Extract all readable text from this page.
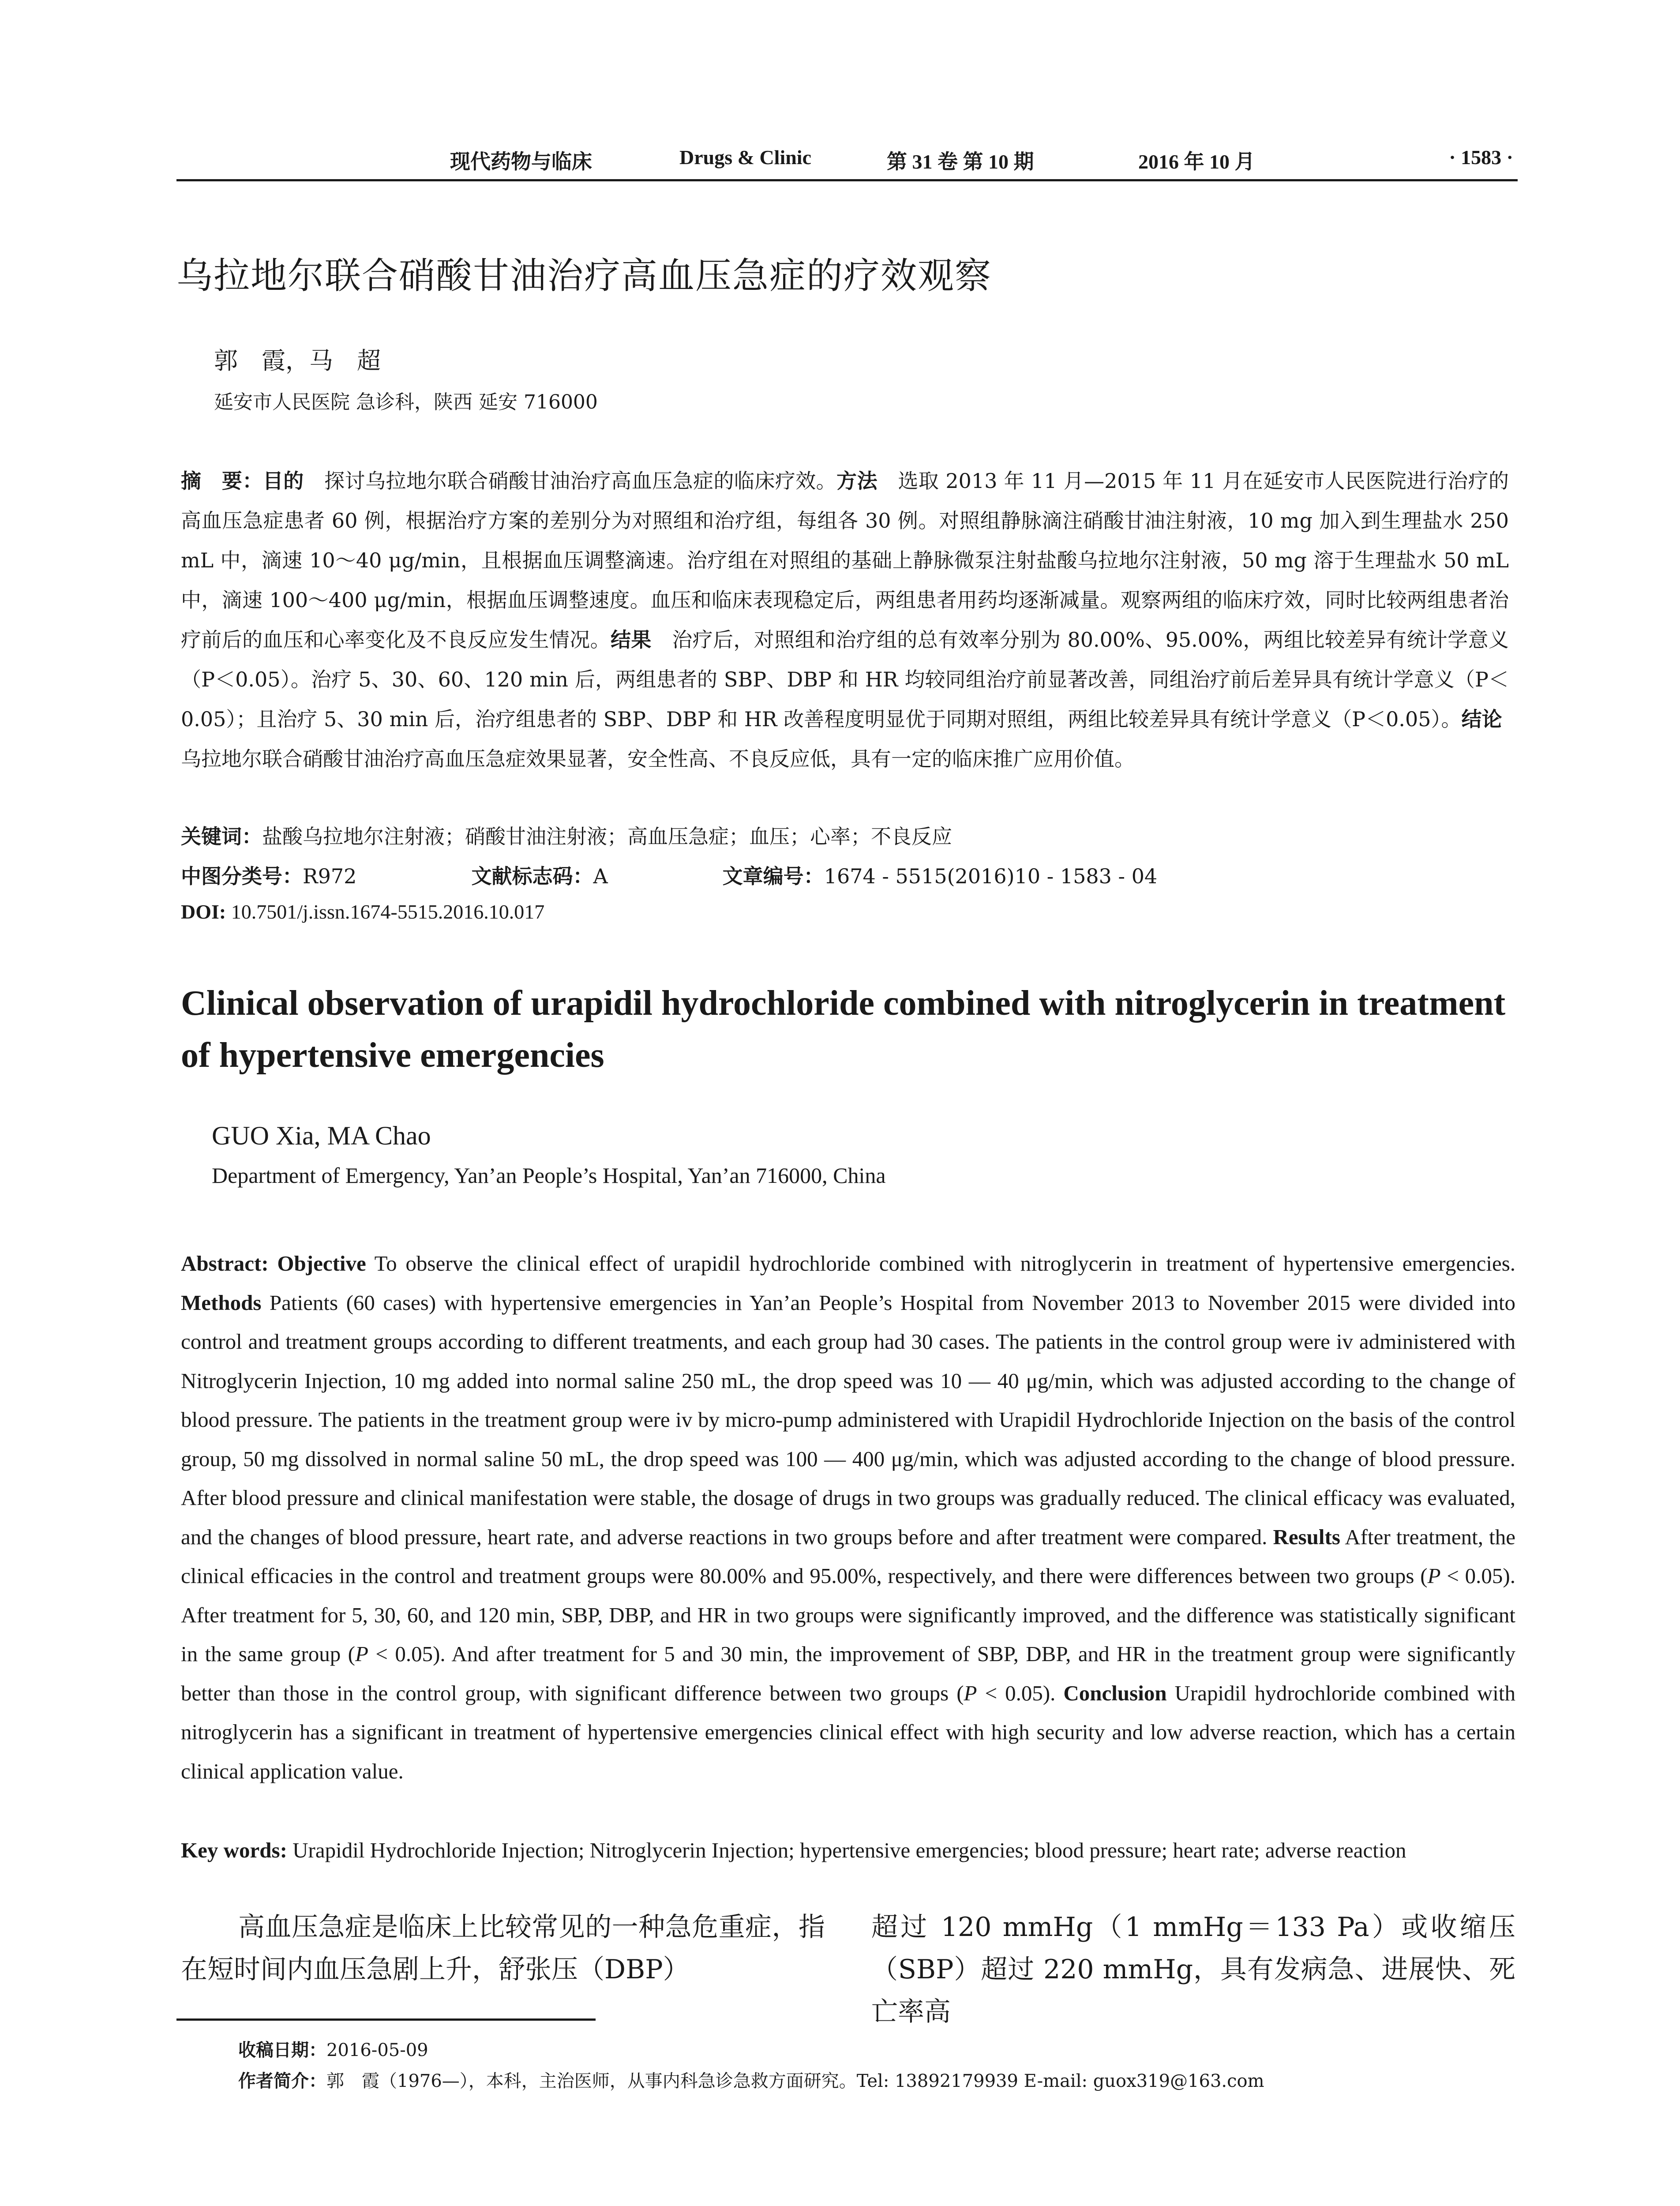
现代药物与临床	Drugs & Clinic	第 31 卷 第 10 期	2016 年 10 月	· 1583 ·
乌拉地尔联合硝酸甘油治疗高血压急症的疗效观察
郭　霞，马　超
延安市人民医院 急诊科，陕西 延安 716000
摘　要：目的　探讨乌拉地尔联合硝酸甘油治疗高血压急症的临床疗效。方法　选取 2013 年 11 月—2015 年 11 月在延安市人民医院进行治疗的高血压急症患者 60 例，根据治疗方案的差别分为对照组和治疗组，每组各 30 例。对照组静脉滴注硝酸甘油注射液，10 mg 加入到生理盐水 250 mL 中，滴速 10～40 μg/min，且根据血压调整滴速。治疗组在对照组的基础上静脉微泵注射盐酸乌拉地尔注射液，50 mg 溶于生理盐水 50 mL 中，滴速 100～400 μg/min，根据血压调整速度。血压和临床表现稳定后，两组患者用药均逐渐减量。观察两组的临床疗效，同时比较两组患者治疗前后的血压和心率变化及不良反应发生情况。结果　治疗后，对照组和治疗组的总有效率分别为 80.00%、95.00%，两组比较差异有统计学意义（P＜0.05）。治疗 5、30、60、120 min 后，两组患者的 SBP、DBP 和 HR 均较同组治疗前显著改善，同组治疗前后差异具有统计学意义（P＜0.05）；且治疗 5、30 min 后，治疗组患者的 SBP、DBP 和 HR 改善程度明显优于同期对照组，两组比较差异具有统计学意义（P＜0.05）。结论　乌拉地尔联合硝酸甘油治疗高血压急症效果显著，安全性高、不良反应低，具有一定的临床推广应用价值。
关键词：盐酸乌拉地尔注射液；硝酸甘油注射液；高血压急症；血压；心率；不良反应
中图分类号：R972	文献标志码：A	文章编号：1674 - 5515(2016)10 - 1583 - 04
DOI: 10.7501/j.issn.1674-5515.2016.10.017
Clinical observation of urapidil hydrochloride combined with nitroglycerin in treatment of hypertensive emergencies
GUO Xia, MA Chao
Department of Emergency, Yan’an People’s Hospital, Yan’an 716000, China
Abstract: Objective To observe the clinical effect of urapidil hydrochloride combined with nitroglycerin in treatment of hypertensive emergencies. Methods Patients (60 cases) with hypertensive emergencies in Yan’an People’s Hospital from November 2013 to November 2015 were divided into control and treatment groups according to different treatments, and each group had 30 cases. The patients in the control group were iv administered with Nitroglycerin Injection, 10 mg added into normal saline 250 mL, the drop speed was 10 — 40 μg/min, which was adjusted according to the change of blood pressure. The patients in the treatment group were iv by micro-pump administered with Urapidil Hydrochloride Injection on the basis of the control group, 50 mg dissolved in normal saline 50 mL, the drop speed was 100 — 400 μg/min, which was adjusted according to the change of blood pressure. After blood pressure and clinical manifestation were stable, the dosage of drugs in two groups was gradually reduced. The clinical efficacy was evaluated, and the changes of blood pressure, heart rate, and adverse reactions in two groups before and after treatment were compared. Results After treatment, the clinical efficacies in the control and treatment groups were 80.00% and 95.00%, respectively, and there were differences between two groups (P < 0.05). After treatment for 5, 30, 60, and 120 min, SBP, DBP, and HR in two groups were significantly improved, and the difference was statistically significant in the same group (P < 0.05). And after treatment for 5 and 30 min, the improvement of SBP, DBP, and HR in the treatment group were significantly better than those in the control group, with significant difference between two groups (P < 0.05). Conclusion Urapidil hydrochloride combined with nitroglycerin has a significant in treatment of hypertensive emergencies clinical effect with high security and low adverse reaction, which has a certain clinical application value.
Key words: Urapidil Hydrochloride Injection; Nitroglycerin Injection; hypertensive emergencies; blood pressure; heart rate; adverse reaction
高血压急症是临床上比较常见的一种急危重症，指在短时间内血压急剧上升，舒张压（DBP）
超过 120 mmHg（1 mmHg＝133 Pa）或收缩压（SBP）超过 220 mmHg，具有发病急、进展快、死亡率高
收稿日期：2016-05-09
作者简介：郭　霞（1976—），本科，主治医师，从事内科急诊急救方面研究。Tel: 13892179939 E-mail: guox319@163.com
